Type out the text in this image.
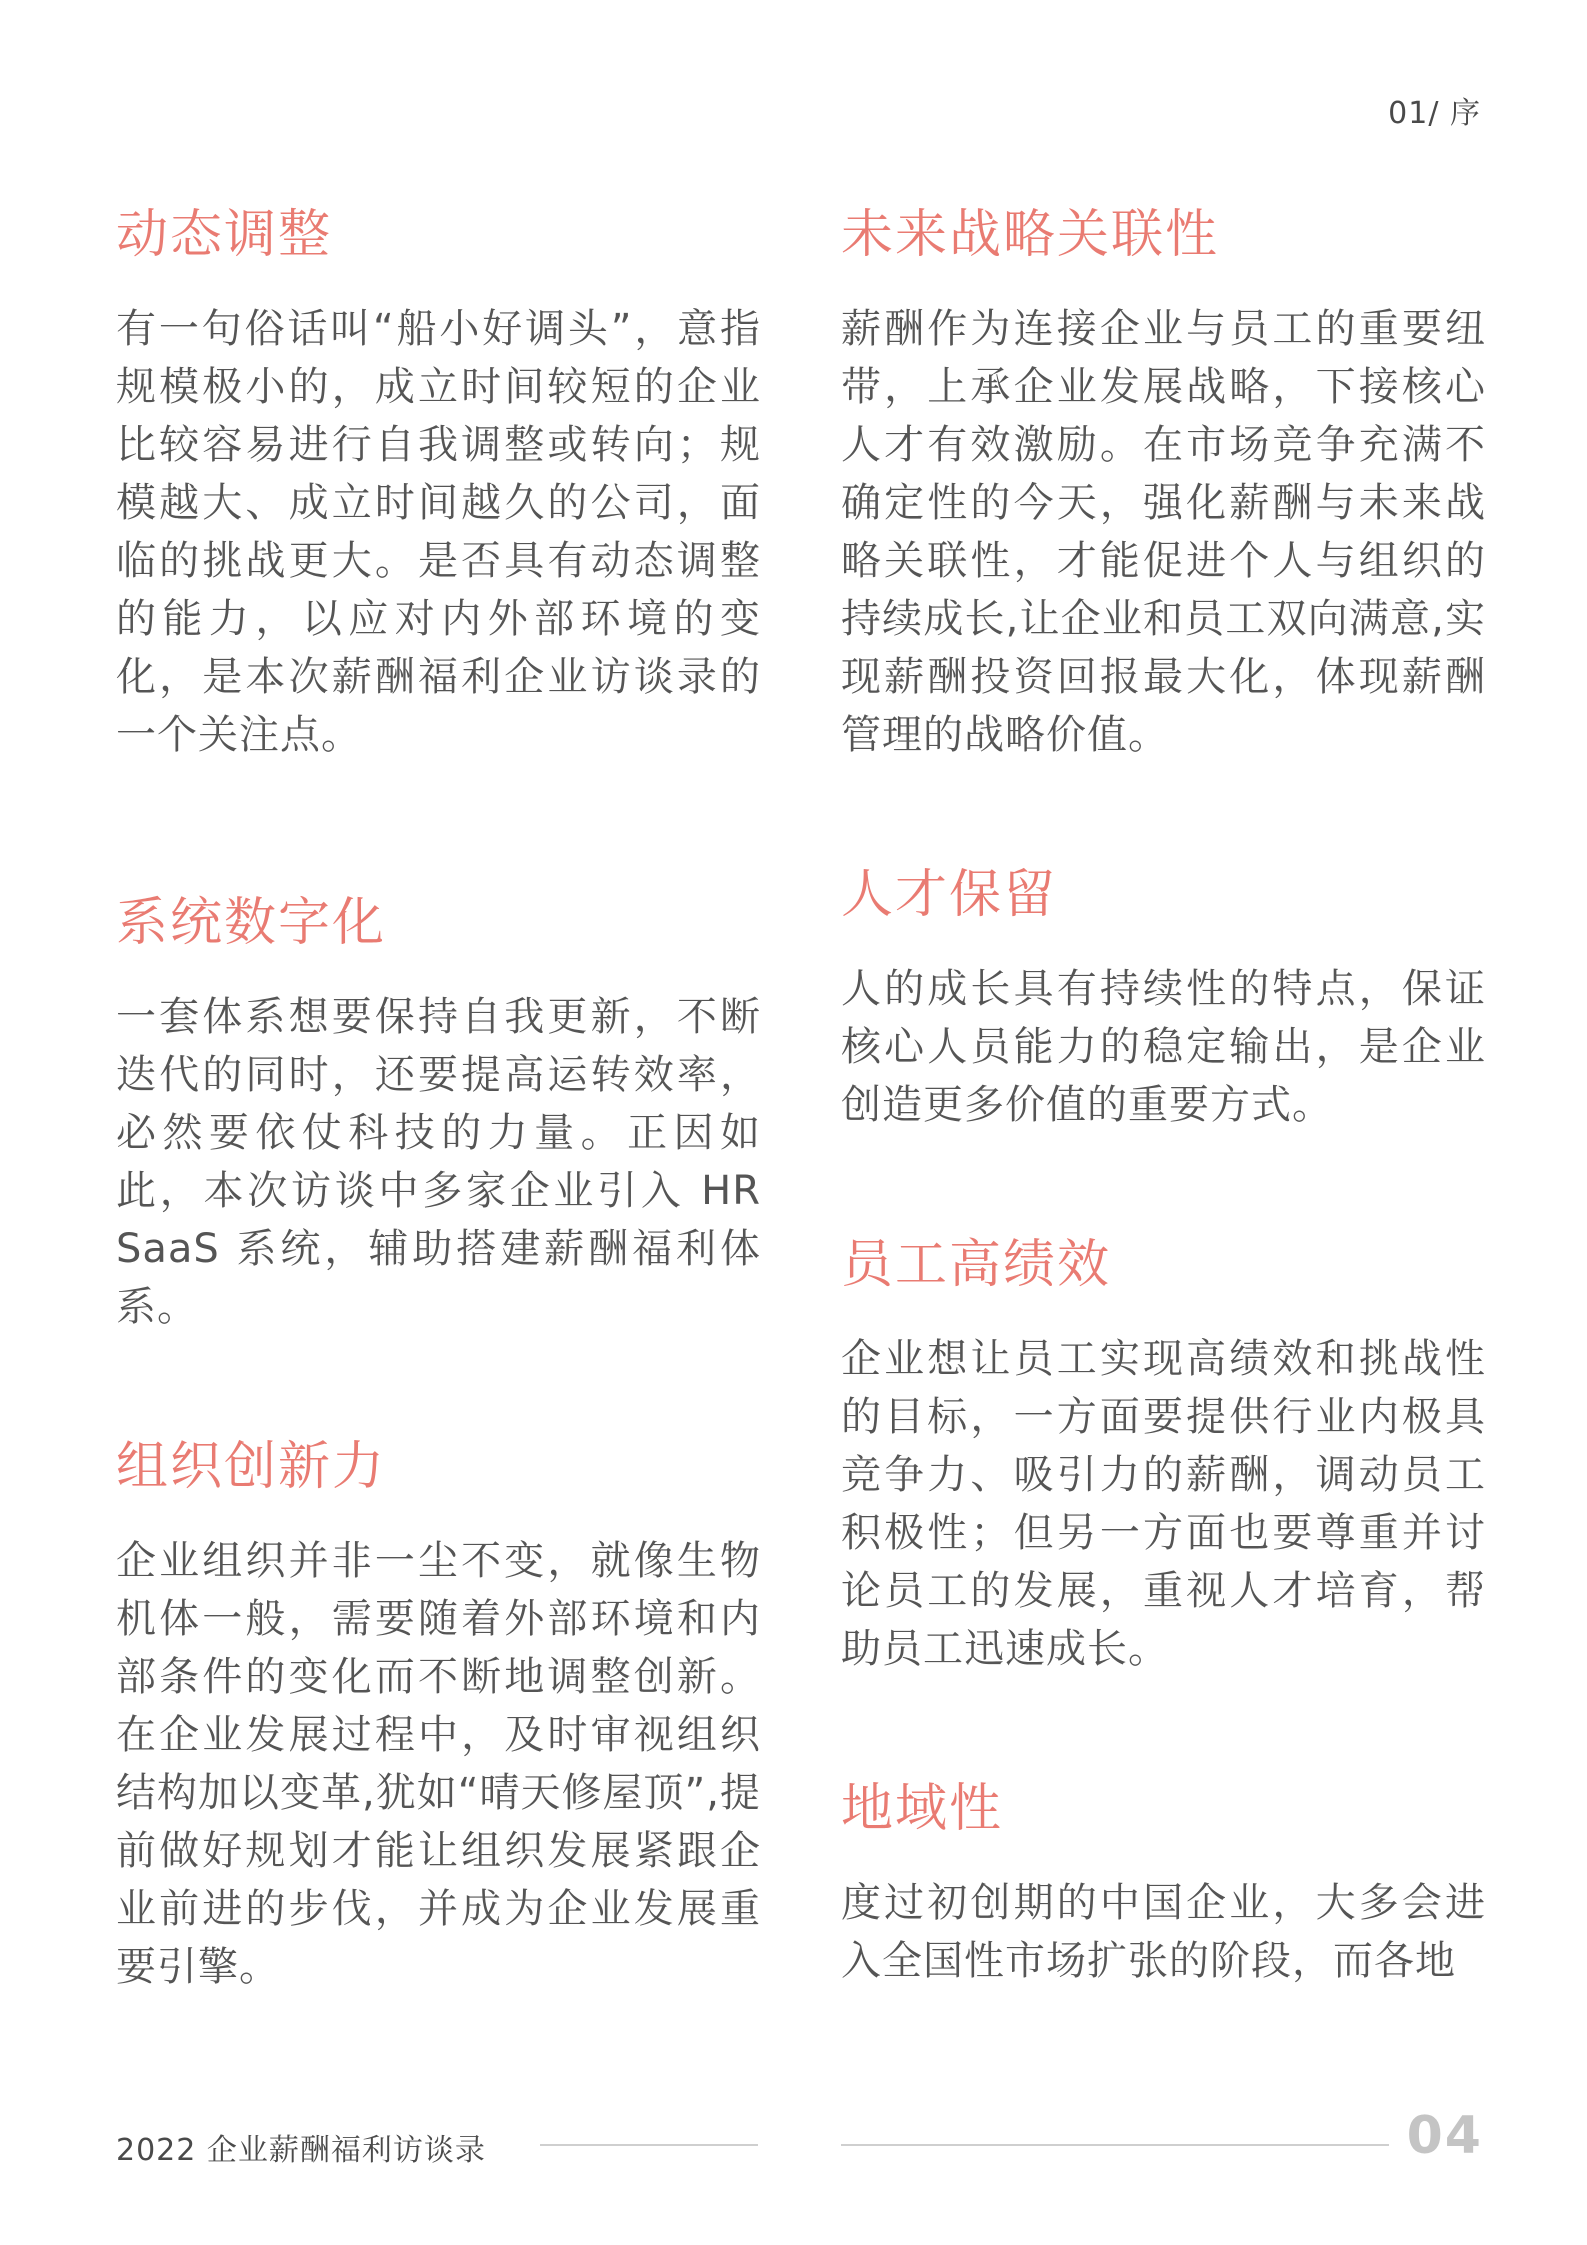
01/ 序
动态调整

有一句俗话叫“船小好调头”，意指规模极小的，成立时间较短的企业比较容易进行自我调整或转向；规模越大、成立时间越久的公司，面临的挑战更大。是否具有动态调整的能力，以应对内外部环境的变化，是本次薪酬福利企业访谈录的一个关注点。

系统数字化

一套体系想要保持自我更新，不断迭代的同时，还要提高运转效率，必然要依仗科技的力量。正因如此，本次访谈中多家企业引入 HR SaaS 系统，辅助搭建薪酬福利体系。

组织创新力

企业组织并非一尘不变，就像生物机体一般，需要随着外部环境和内部条件的变化而不断地调整创新。在企业发展过程中，及时审视组织结构加以变革,犹如“晴天修屋顶”,提前做好规划才能让组织发展紧跟企业前进的步伐，并成为企业发展重要引擎。

未来战略关联性

薪酬作为连接企业与员工的重要纽带，上承企业发展战略，下接核心人才有效激励。在市场竞争充满不确定性的今天，强化薪酬与未来战略关联性，才能促进个人与组织的持续成长,让企业和员工双向满意,实现薪酬投资回报最大化，体现薪酬管理的战略价值。

人才保留

人的成长具有持续性的特点，保证核心人员能力的稳定输出，是企业创造更多价值的重要方式。

员工高绩效

企业想让员工实现高绩效和挑战性的目标，一方面要提供行业内极具竞争力、吸引力的薪酬，调动员工积极性；但另一方面也要尊重并讨论员工的发展，重视人才培育，帮助员工迅速成长。

地域性

度过初创期的中国企业，大多会进入全国性市场扩张的阶段，而各地

2022 企业薪酬福利访谈录	04
